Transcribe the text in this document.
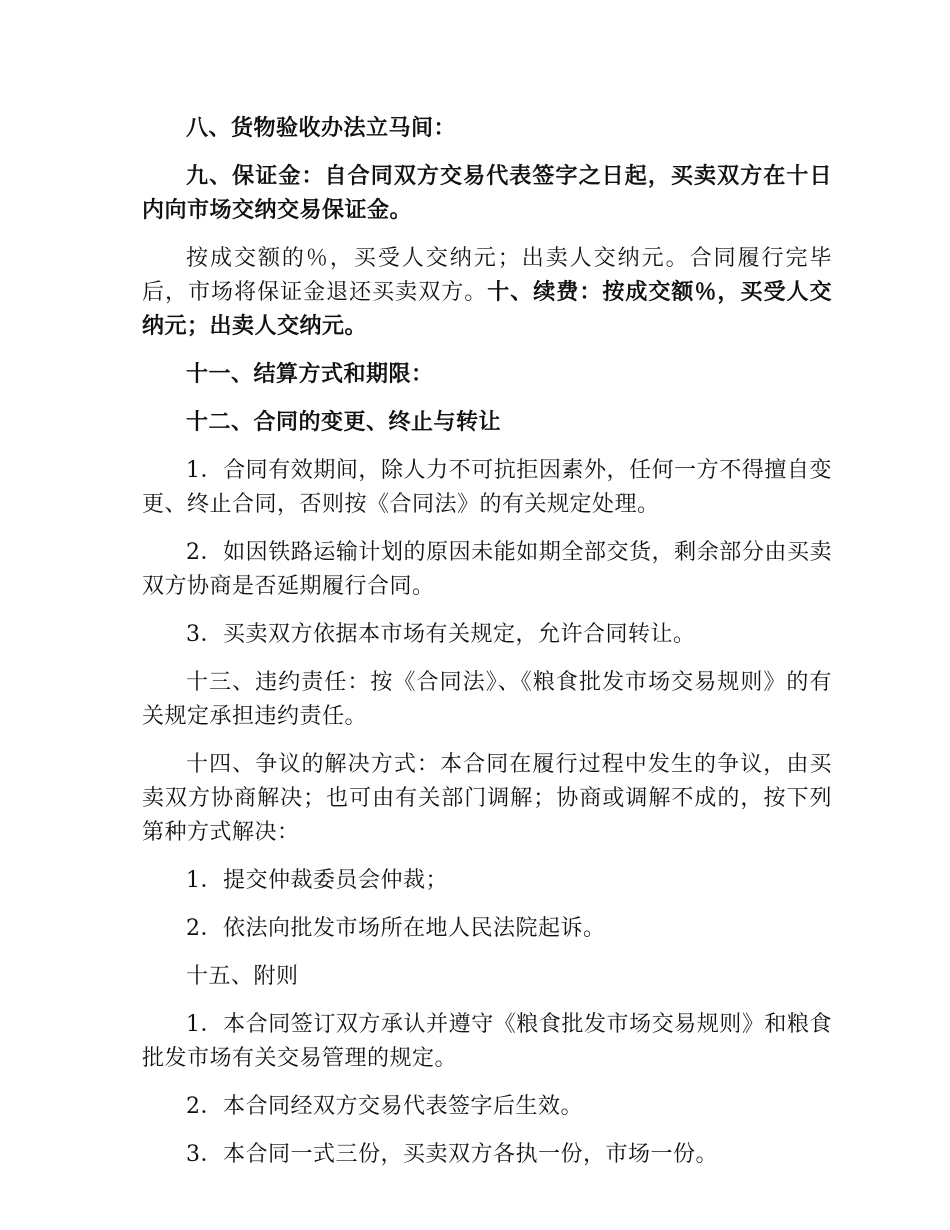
八、货物验收办法立马间：

九、保证金：自合同双方交易代表签字之日起，买卖双方在十日内向市场交纳交易保证金。

按成交额的％，买受人交纳元；出卖人交纳元。合同履行完毕后，市场将保证金退还买卖双方。十、续费：按成交额％，买受人交纳元；出卖人交纳元。

十一、结算方式和期限：

十二、合同的变更、终止与转让

1．合同有效期间，除人力不可抗拒因素外，任何一方不得擅自变更、终止合同，否则按《合同法》的有关规定处理。

2．如因铁路运输计划的原因未能如期全部交货，剩余部分由买卖双方协商是否延期履行合同。

3．买卖双方依据本市场有关规定，允许合同转让。

十三、违约责任：按《合同法》、《粮食批发市场交易规则》的有关规定承担违约责任。

十四、争议的解决方式：本合同在履行过程中发生的争议，由买卖双方协商解决；也可由有关部门调解；协商或调解不成的，按下列第种方式解决：

1．提交仲裁委员会仲裁；

2．依法向批发市场所在地人民法院起诉。

十五、附则

1．本合同签订双方承认并遵守《粮食批发市场交易规则》和粮食批发市场有关交易管理的规定。

2．本合同经双方交易代表签字后生效。

3．本合同一式三份，买卖双方各执一份，市场一份。
